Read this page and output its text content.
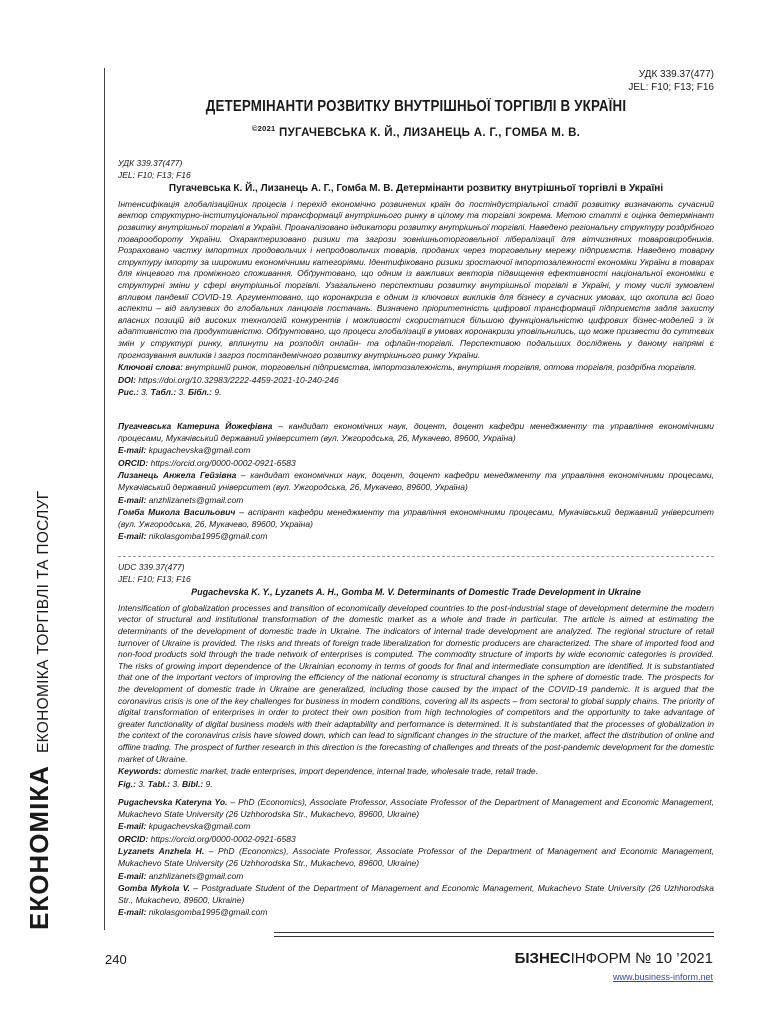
ЕКОНОМІКА
ЕКОНОМІКА ТОРГІВЛІ ТА ПОСЛУГ
УДК 339.37(477)
JEL: F10; F13; F16
ДЕТЕРМІНАНТИ РОЗВИТКУ ВНУТРІШНЬОЇ ТОРГІВЛІ В УКРАЇНІ
$^{©2021}$ ПУГАЧЕВСЬКА К. Й., ЛИЗАНЕЦЬ А. Г., ГОМБА М. В.
УДК 339.37(477)
JEL: F10; F13; F16
Пугачевська К. Й., Лизанець А. Г., Гомба М. В. Детермінанти розвитку внутрішньої торгівлі в Україні
Інтенсифікація глобалізаційних процесів і перехід економічно розвинених країн до постіндустріальної стадії розвитку визначають сучасний вектор структурно-інституціональної трансформації внутрішнього ринку в цілому та торгівлі зокрема. Метою статті є оцінка детермінант розвитку внутрішньої торгівлі в Україні. Проаналізовано індикатори розвитку внутрішньої торгівлі. Наведено регіональну структуру роздрібного товарообороту України. Охарактеризовано ризики та загрози зовнішньоторговельної лібералізації для вітчизняних товаровиробників. Розраховано частку імпортних продовольчих і непродовольчих товарів, проданих через торговельну мережу підприємств. Наведено товарну структуру імпорту за широкими економічними категоріями. Ідентифіковано ризики зростаючої імпортозалежності економіки України в товарах для кінцевого та проміжного споживання. Обґрунтовано, що одним із важливих векторів підвищення ефективності національної економіки є структурні зміни у сфері внутрішньої торгівлі. Узагальнено перспективи розвитку внутрішньої торгівлі в Україні, у тому числі зумовлені впливом пандемії COVID-19. Аргументовано, що коронакриза є одним із ключових викликів для бізнесу в сучасних умовах, що охопила всі його аспекти – від галузевих до глобальних ланцюгів постачань. Визначено пріоритетність цифрової трансформації підприємств задля захисту власних позицій від високих технологій конкурентів і можливості скористатися більшою функціональністю цифрових бізнес-моделей з їх адаптивністю та продуктивністю. Обґрунтовано, що процеси глобалізації в умовах коронакризи уповільнились, що може призвести до суттєвих змін у структурі ринку, вплинути на розподіл онлайн- та офлайн-торгівлі. Перспективою подальших досліджень у даному напрямі є прогнозування викликів і загроз постпандемічного розвитку внутрішнього ринку України.
Ключові слова: внутрішній ринок, торговельні підприємства, імпортозалежність, внутрішня торгівля, оптова торгівля, роздрібна торгівля.
DOI: https://doi.org/10.32983/2222-4459-2021-10-240-246
Рис.: 3. Табл.: 3. Бібл.: 9.
Пугачевська Катерина Йожефівна – кандидат економічних наук, доцент, доцент кафедри менеджменту та управління економічними процесами, Мукачівський державний університет (вул. Ужгородська, 26, Мукачево, 89600, Україна)
E-mail: kpugachevska@gmail.com
ORCID: https://orcid.org/0000-0002-0921-6583
Лизанець Анжела Гейзівна – кандидат економічних наук, доцент, доцент кафедри менеджменту та управління економічними процесами, Мукачівський державний університет (вул. Ужгородська, 26, Мукачево, 89600, Україна)
E-mail: anzhlizanets@gmail.com
Гомба Микола Васильович – аспірант кафедри менеджменту та управління економічними процесами, Мукачівський державний університет (вул. Ужгородська, 26, Мукачево, 89600, Україна)
E-mail: nikolasgomba1995@gmail.com
UDC 339.37(477)
JEL: F10; F13; F16
Pugachevska K. Y., Lyzanets A. H., Gomba M. V. Determinants of Domestic Trade Development in Ukraine
Intensification of globalization processes and transition of economically developed countries to the post-industrial stage of development determine the modern vector of structural and institutional transformation of the domestic market as a whole and trade in particular. The article is aimed at estimating the determinants of the development of domestic trade in Ukraine. The indicators of internal trade development are analyzed. The regional structure of retail turnover of Ukraine is provided. The risks and threats of foreign trade liberalization for domestic producers are characterized. The share of imported food and non-food products sold through the trade network of enterprises is computed. The commodity structure of imports by wide economic categories is provided. The risks of growing import dependence of the Ukrainian economy in terms of goods for final and intermediate consumption are identified. It is substantiated that one of the important vectors of improving the efficiency of the national economy is structural changes in the sphere of domestic trade. The prospects for the development of domestic trade in Ukraine are generalized, including those caused by the impact of the COVID-19 pandemic. It is argued that the coronavirus crisis is one of the key challenges for business in modern conditions, covering all its aspects – from sectoral to global supply chains. The priority of digital transformation of enterprises in order to protect their own position from high technologies of competitors and the opportunity to take advantage of greater functionality of digital business models with their adaptability and performance is determined. It is substantiated that the processes of globalization in the context of the coronavirus crisis have slowed down, which can lead to significant changes in the structure of the market, affect the distribution of online and offline trading. The prospect of further research in this direction is the forecasting of challenges and threats of the post-pandemic development for the domestic market of Ukraine.
Keywords: domestic market, trade enterprises, import dependence, internal trade, wholesale trade, retail trade.
Fig.: 3. Tabl.: 3. Bibl.: 9.
Pugachevska Kateryna Yo. – PhD (Economics), Associate Professor, Associate Professor of the Department of Management and Economic Management, Mukachevo State University (26 Uzhhorodska Str., Mukachevo, 89600, Ukraine)
E-mail: kpugachevska@gmail.com
ORCID: https://orcid.org/0000-0002-0921-6583
Lyzanets Anzhela H. – PhD (Economics), Associate Professor, Associate Professor of the Department of Management and Economic Management, Mukachevo State University (26 Uzhhorodska Str., Mukachevo, 89600, Ukraine)
E-mail: anzhlizanets@gmail.com
Gomba Mykola V. – Postgraduate Student of the Department of Management and Economic Management, Mukachevo State University (26 Uzhhorodska Str., Mukachevo, 89600, Ukraine)
E-mail: nikolasgomba1995@gmail.com
240	БІЗНЕСІНФОРМ № 10 ’2021
www.business-inform.net
